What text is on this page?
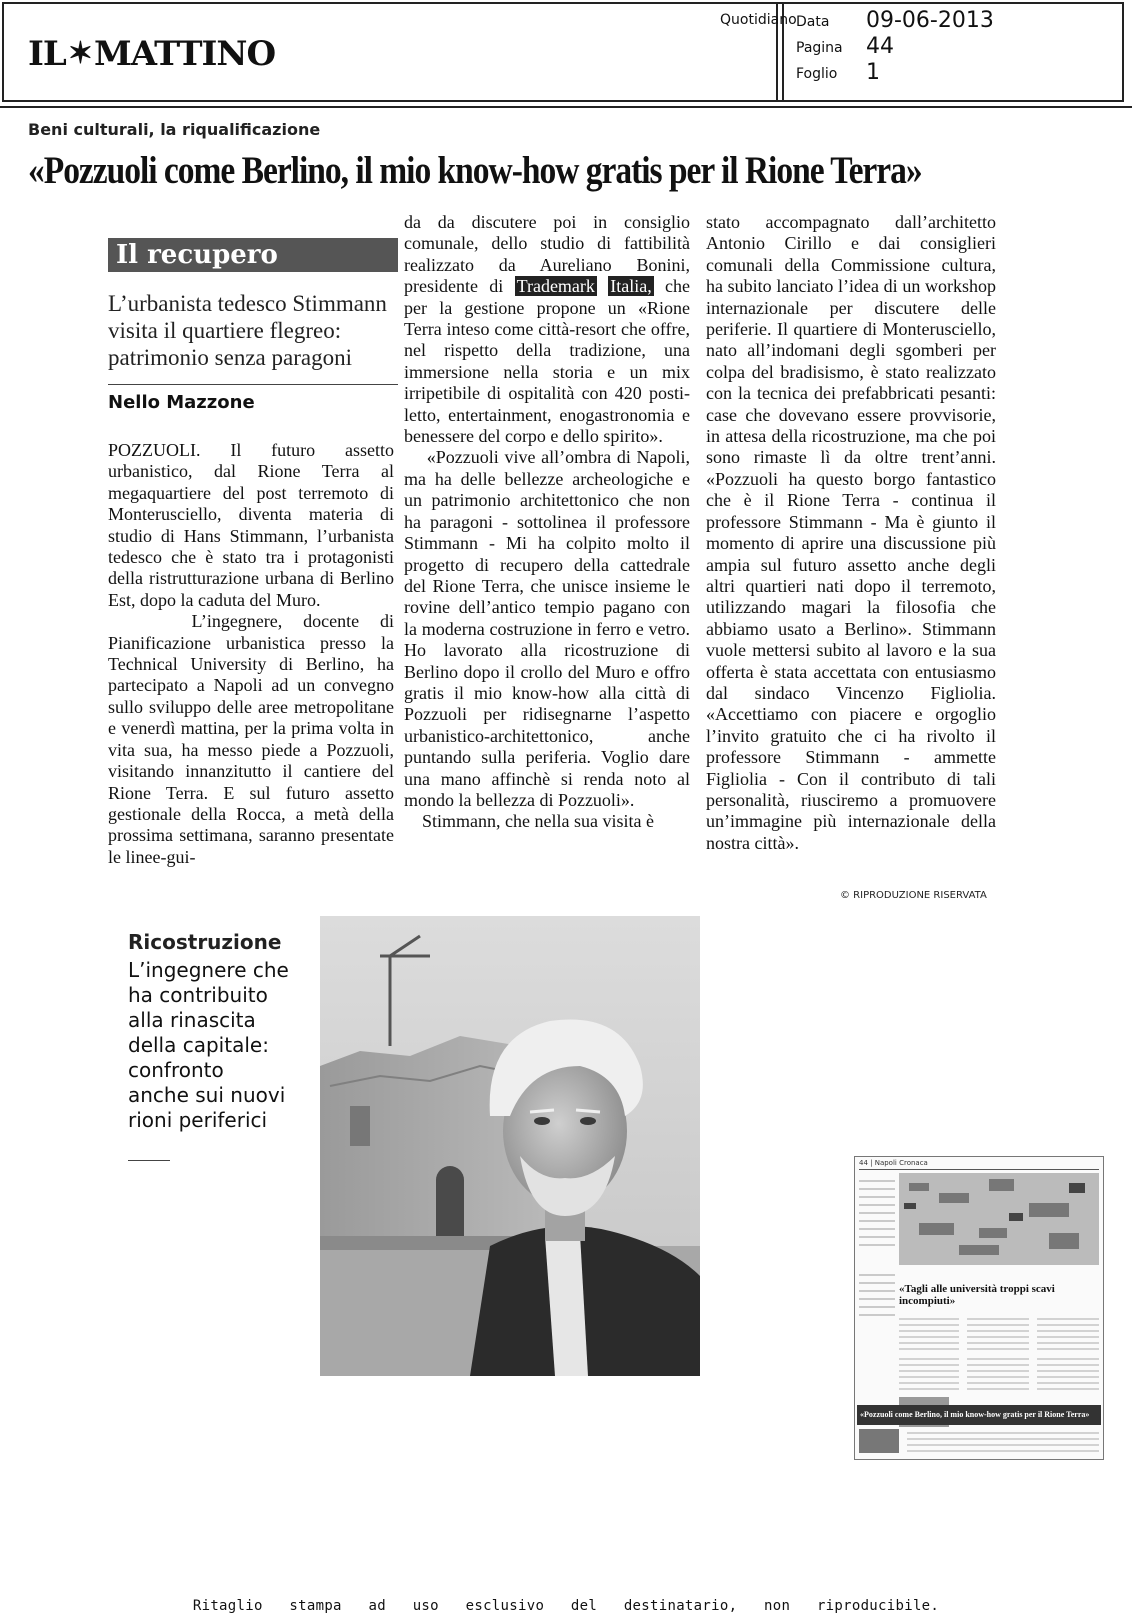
IL✶MATTINO
Quotidiano Data 09-06-2013
Pagina 44
Foglio 1
Beni culturali, la riqualificazione
«Pozzuoli come Berlino, il mio know-how gratis per il Rione Terra»
Il recupero
L’urbanista tedesco Stimmann visita il quartiere flegreo: patrimonio senza paragoni
Nello Mazzone
POZZUOLI. Il futuro assetto urbanistico, dal Rione Terra al megaquartiere del post terremoto di Monterusciello, diventa materia di studio di Hans Stimmann, l’urbanista tedesco che è stato tra i protagonisti della ristrutturazione urbana di Berlino Est, dopo la caduta del Muro.
L’ingegnere, docente di Pianificazione urbanistica presso la Technical University di Berlino, ha partecipato a Napoli ad un convegno sullo sviluppo delle aree metropolitane e venerdì mattina, per la prima volta in vita sua, ha messo piede a Pozzuoli, visitando innanzitutto il cantiere del Rione Terra. E sul futuro assetto gestionale della Rocca, a metà della prossima settimana, saranno presentate le linee-gui-
da da discutere poi in consiglio comunale, dello studio di fattibilità realizzato da Aureliano Bonini, presidente di Trademark Italia, che per la gestione propone un «Rione Terra inteso come città-resort che offre, nel rispetto della tradizione, una immersione nella storia e un mix irripetibile di ospitalità con 420 posti-letto, entertainment, enogastronomia e benessere del corpo e dello spirito».
«Pozzuoli vive all’ombra di Napoli, ma ha delle bellezze archeologiche e un patrimonio architettonico che non ha paragoni - sottolinea il professore Stimmann - Mi ha colpito molto il progetto di recupero della cattedrale del Rione Terra, che unisce insieme le rovine dell’antico tempio pagano con la moderna costruzione in ferro e vetro. Ho lavorato alla ricostruzione di Berlino dopo il crollo del Muro e offro gratis il mio know-how alla città di Pozzuoli per ridisegnarne l’aspetto urbanistico-architettonico, anche puntando sulla periferia. Voglio dare una mano affinchè si renda noto al mondo la bellezza di Pozzuoli».
Stimmann, che nella sua visita è
stato accompagnato dall’architetto Antonio Cirillo e dai consiglieri comunali della Commissione cultura, ha subito lanciato l’idea di un workshop internazionale per discutere delle periferie. Il quartiere di Monterusciello, nato all’indomani degli sgomberi per colpa del bradisismo, è stato realizzato con la tecnica dei prefabbricati pesanti: case che dovevano essere provvisorie, in attesa della ricostruzione, ma che poi sono rimaste lì da oltre trent’anni. «Pozzuoli ha questo borgo fantastico che è il Rione Terra - continua il professore Stimmann - Ma è giunto il momento di aprire una discussione più ampia sul futuro assetto anche degli altri quartieri nati dopo il terremoto, utilizzando magari la filosofia che abbiamo usato a Berlino». Stimmann vuole mettersi subito al lavoro e la sua offerta è stata accettata con entusiasmo dal sindaco Vincenzo Figliolia. «Accettiamo con piacere e orgoglio l’invito gratuito che ci ha rivolto il professore Stimmann - ammette Figliolia - Con il contributo di tali personalità, riusciremo a promuovere un’immagine più internazionale della nostra città».
© RIPRODUZIONE RISERVATA
Ricostruzione
L’ingegnere che
ha contribuito
alla rinascita
della capitale:
confronto
anche sui nuovi
rioni periferici
44 | Napoli Cronaca
«Tagli alle università troppi scavi incompiuti»
«Pozzuoli come Berlino, il mio know-how gratis per il Rione Terra»
Ritaglio stampa ad uso esclusivo del destinatario, non riproducibile.
